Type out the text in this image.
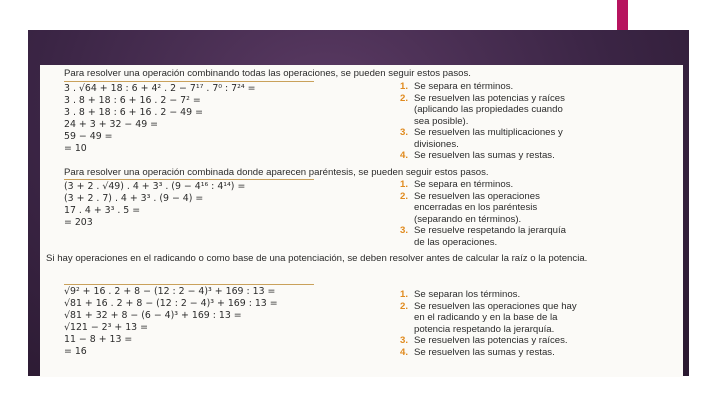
Para resolver una operación combinando todas las operaciones, se pueden seguir estos pasos.
3 . √64 + 18 : 6 + 4² . 2 − 7¹⁷ . 7⁰ : 7²⁴ =
3 . 8 + 18 : 6 + 16 . 2 − 7² =
3 . 8 + 18 : 6 + 16 . 2 − 49 =
24 + 3 + 32 − 49 =
59 − 49 =
= 10
1. Se separa en términos.
2. Se resuelven las potencias y raíces
(aplicando las propiedades cuando
sea posible).
3. Se resuelven las multiplicaciones y
divisiones.
4. Se resuelven las sumas y restas.
Para resolver una operación combinada donde aparecen paréntesis, se pueden seguir estos pasos.
(3 + 2 . √49) . 4 + 3³ . (9 − 4¹⁶ : 4¹⁴) =
(3 + 2 . 7) . 4 + 3³ . (9 − 4) =
17 . 4 + 3³ . 5 =
= 203
1. Se separa en términos.
2. Se resuelven las operaciones
encerradas en los paréntesis
(separando en términos).
3. Se resuelve respetando la jerarquía
de las operaciones.
Si hay operaciones en el radicando o como base de una potenciación, se deben resolver antes de calcular la raíz o la potencia.
√9² + 16 . 2 + 8 − (12 : 2 − 4)³ + 169 : 13 =
√81 + 16 . 2 + 8 − (12 : 2 − 4)³ + 169 : 13 =
√81 + 32 + 8 − (6 − 4)³ + 169 : 13 =
√121 − 2³ + 13 =
11 − 8 + 13 =
= 16
1. Se separan los términos.
2. Se resuelven las operaciones que hay
en el radicando y en la base de la
potencia respetando la jerarquía.
3. Se resuelven las potencias y raíces.
4. Se resuelven las sumas y restas.
